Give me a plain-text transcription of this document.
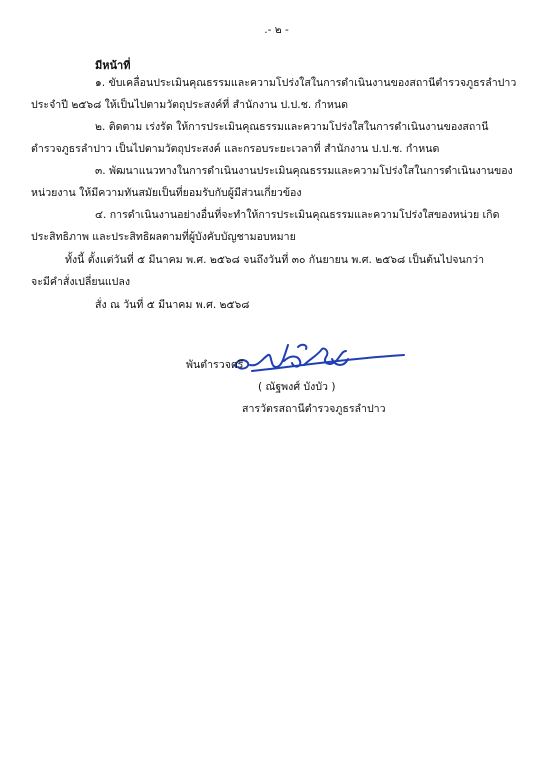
.- ๒ -
มีหน้าที่

๑. ขับเคลื่อนประเมินคุณธรรมและความโปร่งใสในการดำเนินงานของสถานีตำรวจภูธรลำปาว
ประจำปี ๒๕๖๘ ให้เป็นไปตามวัตถุประสงค์ที่ สำนักงาน ป.ป.ช. กำหนด

๒. ติดตาม เร่งรัด ให้การประเมินคุณธรรมและความโปร่งใสในการดำเนินงานของสถานี
ตำรวจภูธรลำปาว เป็นไปตามวัตถุประสงค์ และกรอบระยะเวลาที่ สำนักงาน ป.ป.ช. กำหนด

๓. พัฒนาแนวทางในการดำเนินงานประเมินคุณธรรมและความโปร่งใสในการดำเนินงานของ
หน่วยงาน ให้มีความทันสมัยเป็นที่ยอมรับกับผู้มีส่วนเกี่ยวข้อง

๔. การดำเนินงานอย่างอื่นที่จะทำให้การประเมินคุณธรรมและความโปร่งใสของหน่วย เกิด
ประสิทธิภาพ และประสิทธิผลตามที่ผู้บังคับบัญชามอบหมาย

ทั้งนี้ ตั้งแต่วันที่ ๕ มีนาคม พ.ศ. ๒๕๖๘ จนถึงวันที่ ๓๐ กันยายน พ.ศ. ๒๕๖๘ เป็นต้นไปจนกว่า
จะมีคำสั่งเปลี่ยนแปลง

สั่ง ณ วันที่ ๕ มีนาคม พ.ศ. ๒๕๖๘
พันตำรวจตรี
( ณัฐพงศ์ บังบัว )
สารวัตรสถานีตำรวจภูธรลำปาว
